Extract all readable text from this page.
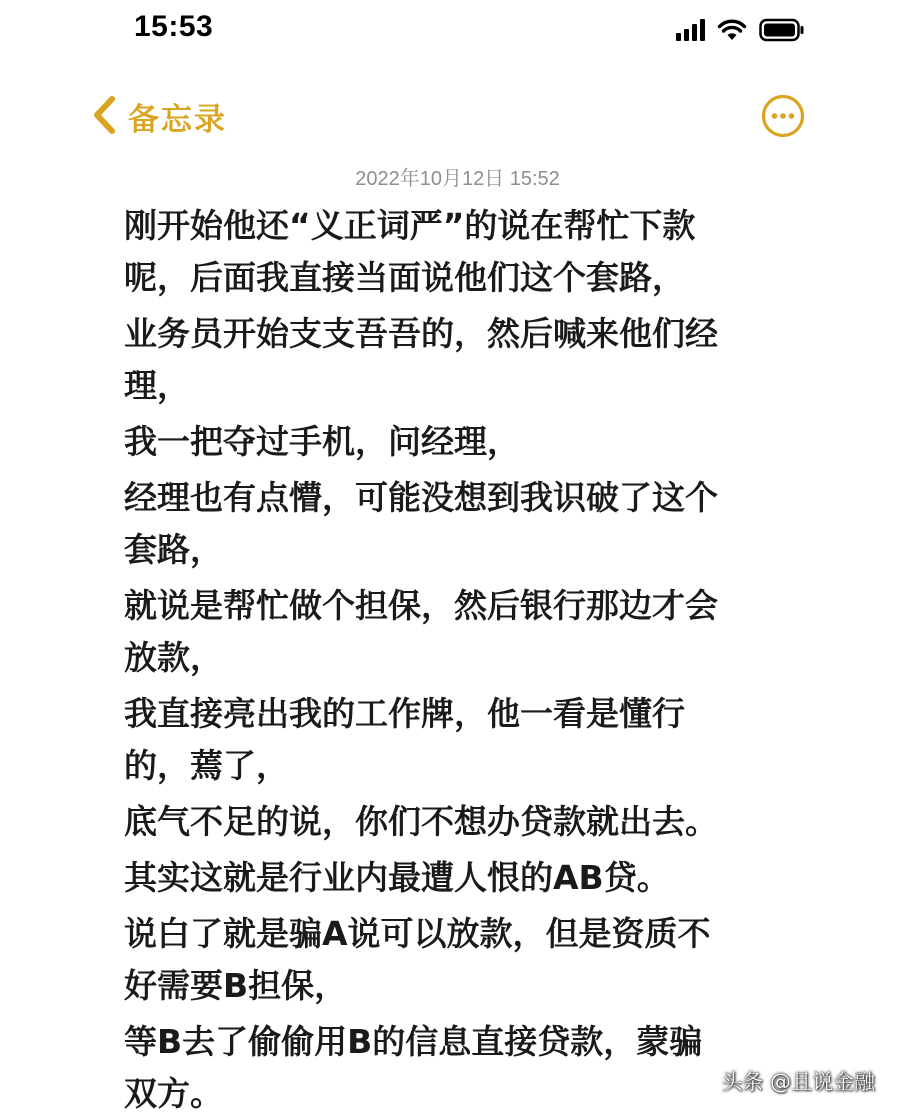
15:53
备忘录
2022年10月12日 15:52

刚开始他还“义正词严”的说在帮忙下款

呢，后面我直接当面说他们这个套路，

业务员开始支支吾吾的，然后喊来他们经

理，

我一把夺过手机，问经理，

经理也有点懵，可能没想到我识破了这个

套路，

就说是帮忙做个担保，然后银行那边才会

放款，

我直接亮出我的工作牌，他一看是懂行

的，蔫了，

底气不足的说，你们不想办贷款就出去。

其实这就是行业内最遭人恨的AB贷。

说白了就是骗A说可以放款，但是资质不

好需要B担保，

等B去了偷偷用B的信息直接贷款，蒙骗

双方。	头条 @且说金融
